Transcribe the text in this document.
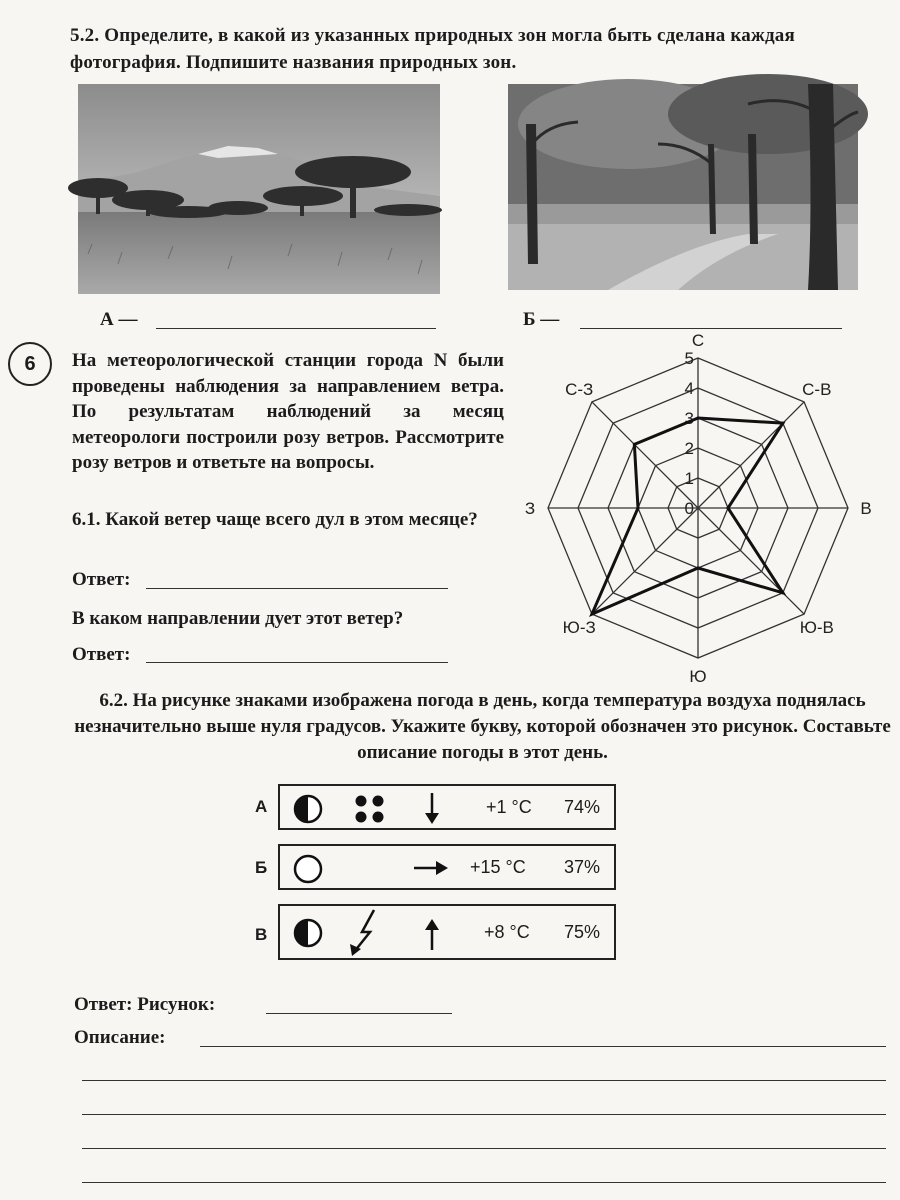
5.2. Определите, в какой из указанных природных зон могла быть сделана каждая фотография. Подпишите названия природных зон.
А —	Б —
6	На метеорологической станции города N были проведены наблюдения за направлением ветра. По результатам наблюдений за месяц метеорологи построили розу ветров. Рассмотрите розу ветров и ответьте на вопросы.
6.1. Какой ветер чаще всего дул в этом месяце?
Ответ:
В каком направлении дует этот ветер?
Ответ:
0
1
2
3
4
5
С
С-В
В
Ю-В
Ю
Ю-З
З
С-З
6.2. На рисунке знаками изображена погода в день, когда температура воздуха поднялась незначительно выше нуля градусов. Укажите букву, которой обозначен это рисунок. Составьте описание погоды в этот день.
А	+1 °C 74%
Б	+15 °C 37%
В	+8 °C 75%
Ответ: Рисунок:
Описание:
